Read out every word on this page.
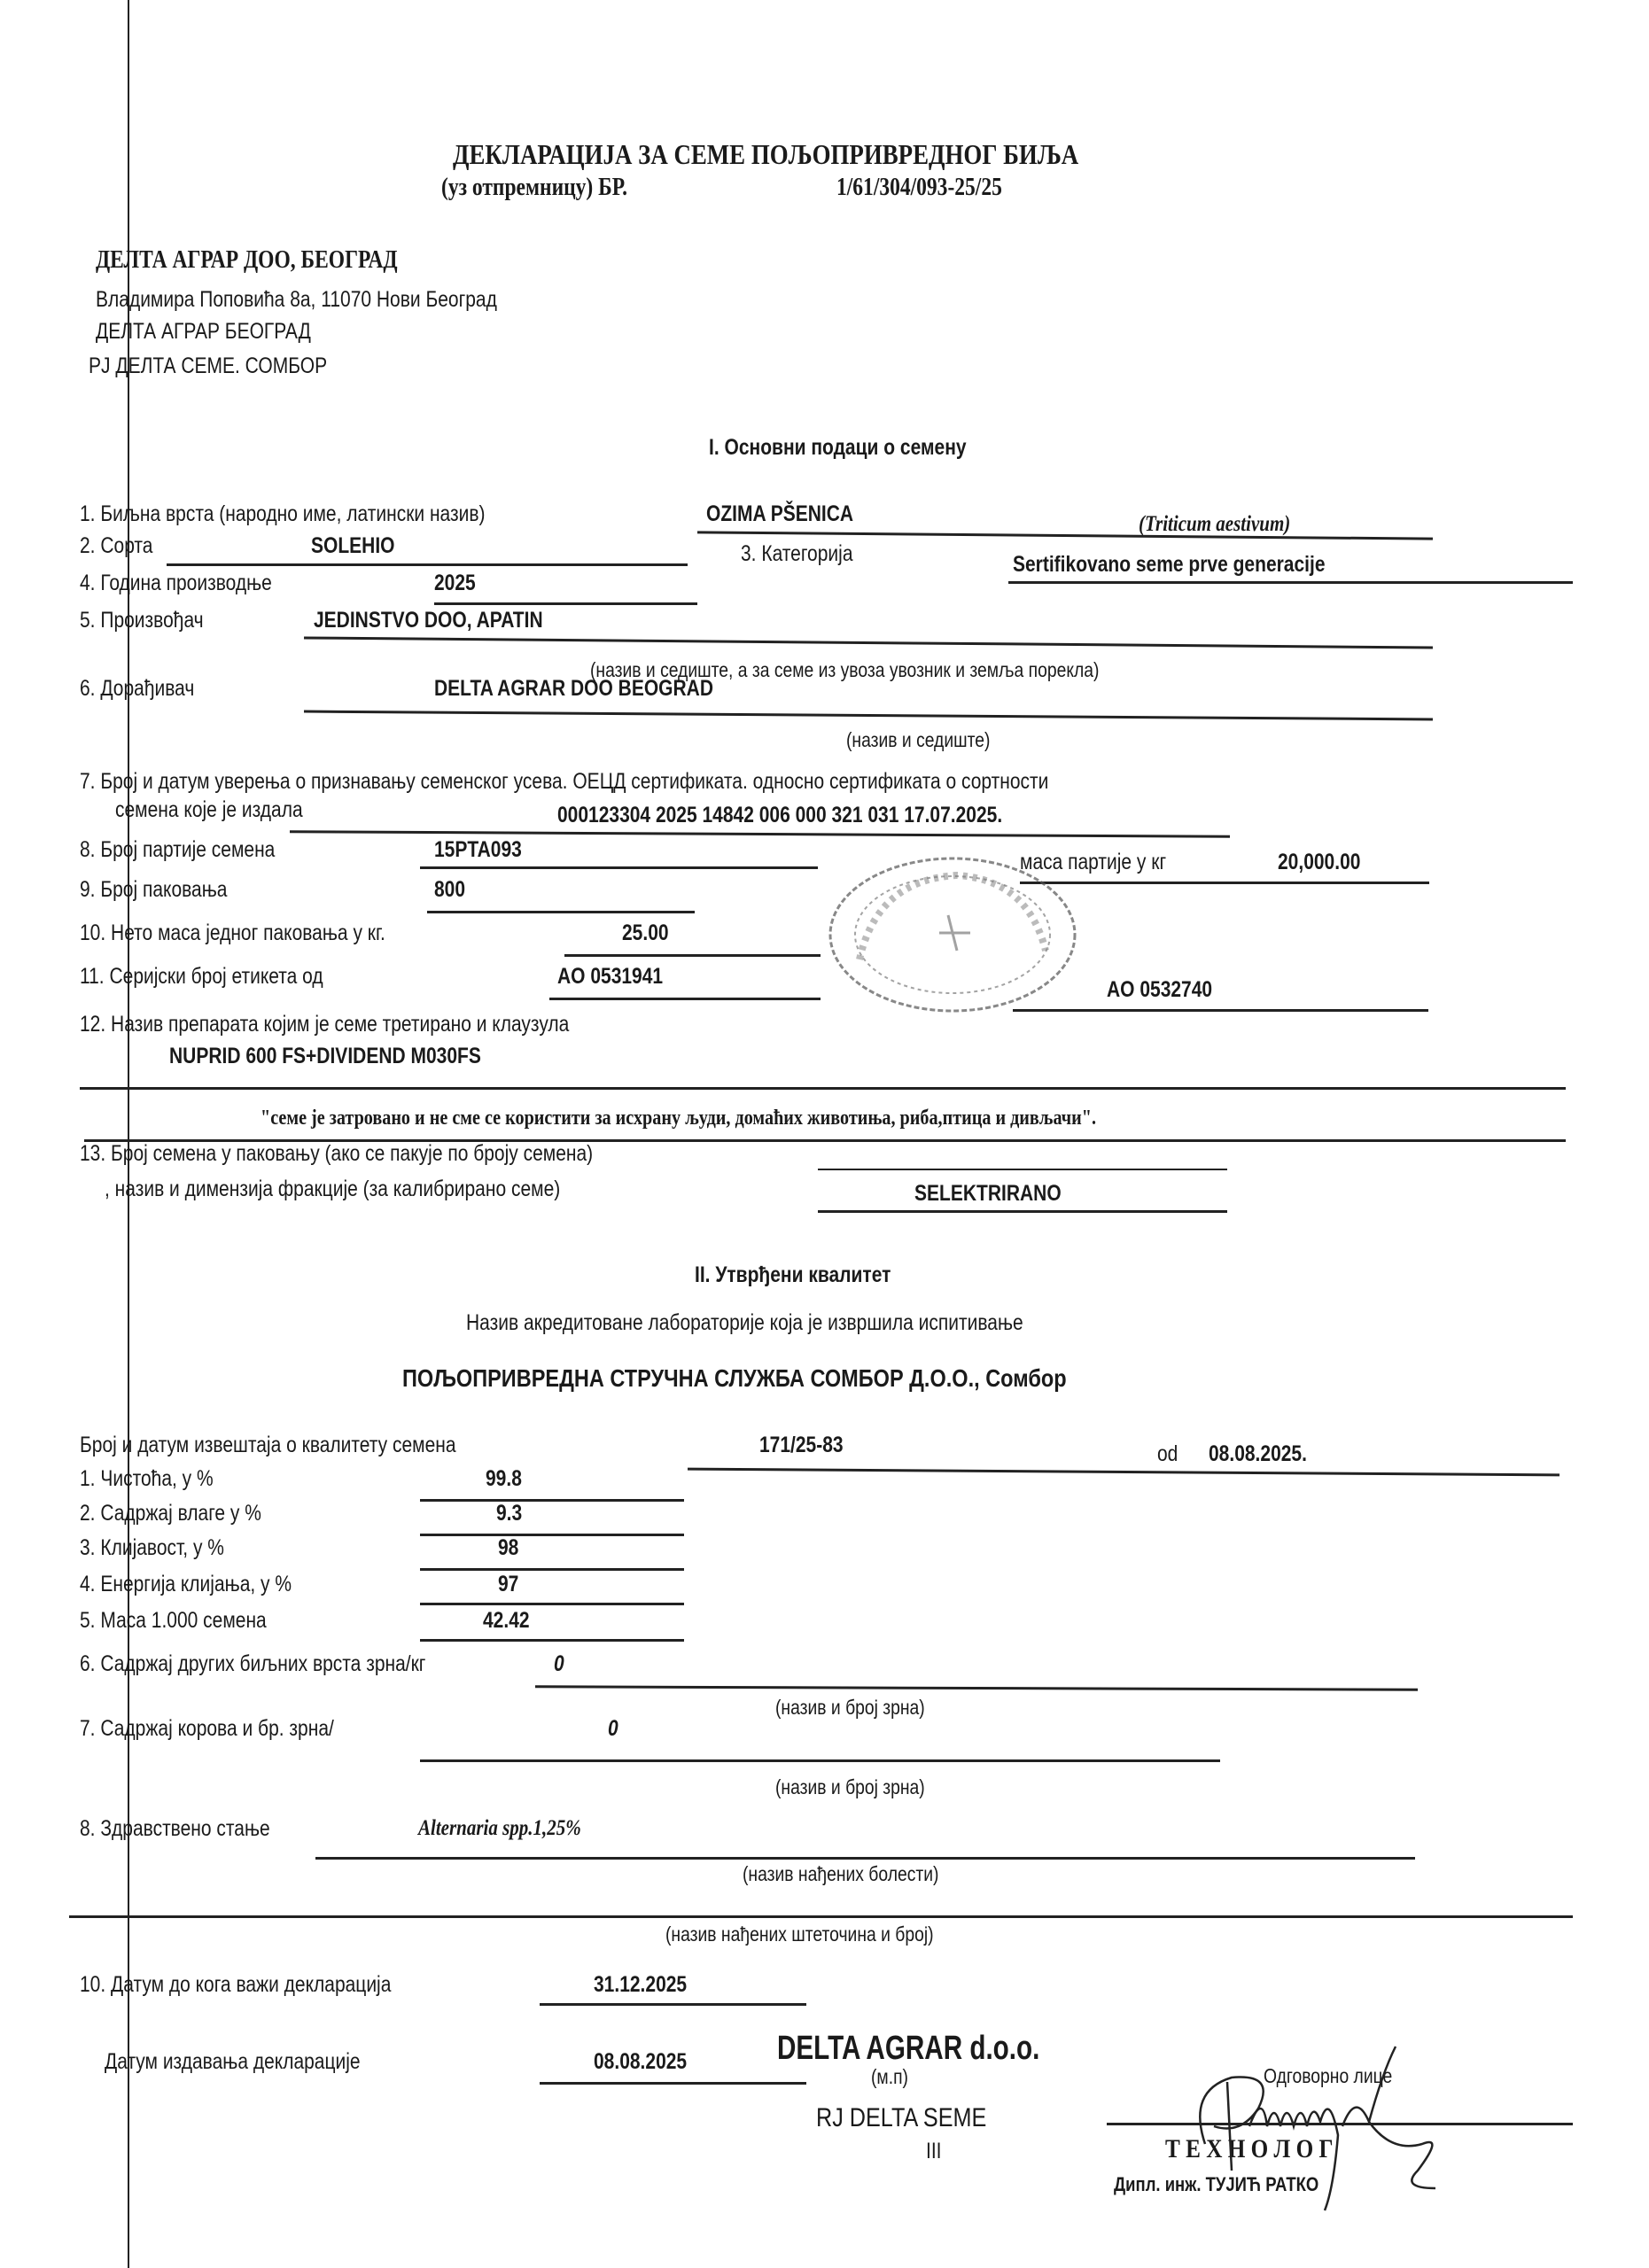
ДЕКЛАРАЦИЈА ЗА СЕМЕ ПОЉОПРИВРЕДНОГ БИЉА
(уз отпремницу) БР.	1/61/304/093-25/25
ДЕЛТА АГРАР ДОО, БЕОГРАД
Владимира Поповића 8а, 11070 Нови Београд
ДЕЛТА АГРАР БЕОГРАД
РЈ ДЕЛТА СЕМЕ. СОМБОР
I. Основни подаци о семену
1. Биљна врста (народно име, латински назив)	OZIMA PŠENICA	(Triticum aestivum)
2. Сорта	SOLEHIO	3. Категорија	Sertifikovano seme prve generacije
4. Година производње	2025
5. Произвођач	JEDINSTVO DOO, APATIN
(назив и седиште, а за семе из увоза увозник и земља порекла)
6. Дорађивач	DELTA AGRAR DOO BEOGRAD
(назив и седиште)
7. Број и датум уверења о признавању семенског усева. ОЕЦД сертификата. односно сертификата о сортности
семена које је издала	000123304 2025 14842 006 000 321 031 17.07.2025.
8. Број партије семена	15PTA093	маса партије у кг	20,000.00
9. Број паковања	800
10. Нето маса једног паковања у кг.	25.00
11. Серијски број етикета од	AO 0531941
AO 0532740
12. Назив препарата којим је семе третирано и клаузула
NUPRID 600 FS+DIVIDEND M030FS
"семе је затровано и не сме се користити за исхрану људи, домаћих животиња, риба,птица и дивљачи".
13. Број семена у паковању (ако се пакује по броју семена)
, назив и димензија фракције (за калибрирано семе)	SELEKTRIRANO
II. Утврђени квалитет
Назив акредитоване лабораторије која је извршила испитивање
ПОЉОПРИВРЕДНА СТРУЧНА СЛУЖБА СОМБОР Д.О.О., Сомбор
Број и датум извештаја о квалитету семена	171/25-83	od 08.08.2025.
1. Чистоћа, у %	99.8
2. Садржај влаге у %	9.3
3. Клијавост, у %	98
4. Енергија клијања, у %	97
5. Маса 1.000 семена	42.42
6. Садржај других биљних врста зрна/кг	0
(назив и број зрна)
7. Садржај корова и бр. зрна/	0
(назив и број зрна)
8. Здравствено стање	Alternaria spp.1,25%
(назив нађених болести)
(назив нађених штеточина и број)
10. Датум до кога важи декларација	31.12.2025
Датум издавања декларације	08.08.2025	DELTA AGRAR d.o.o.
(м.п)
RJ DELTA SEME
III
Одговорно лице
Т Е Х Н О Л О Г
Дипл. инж. ТУЈИЋ РАТКО
